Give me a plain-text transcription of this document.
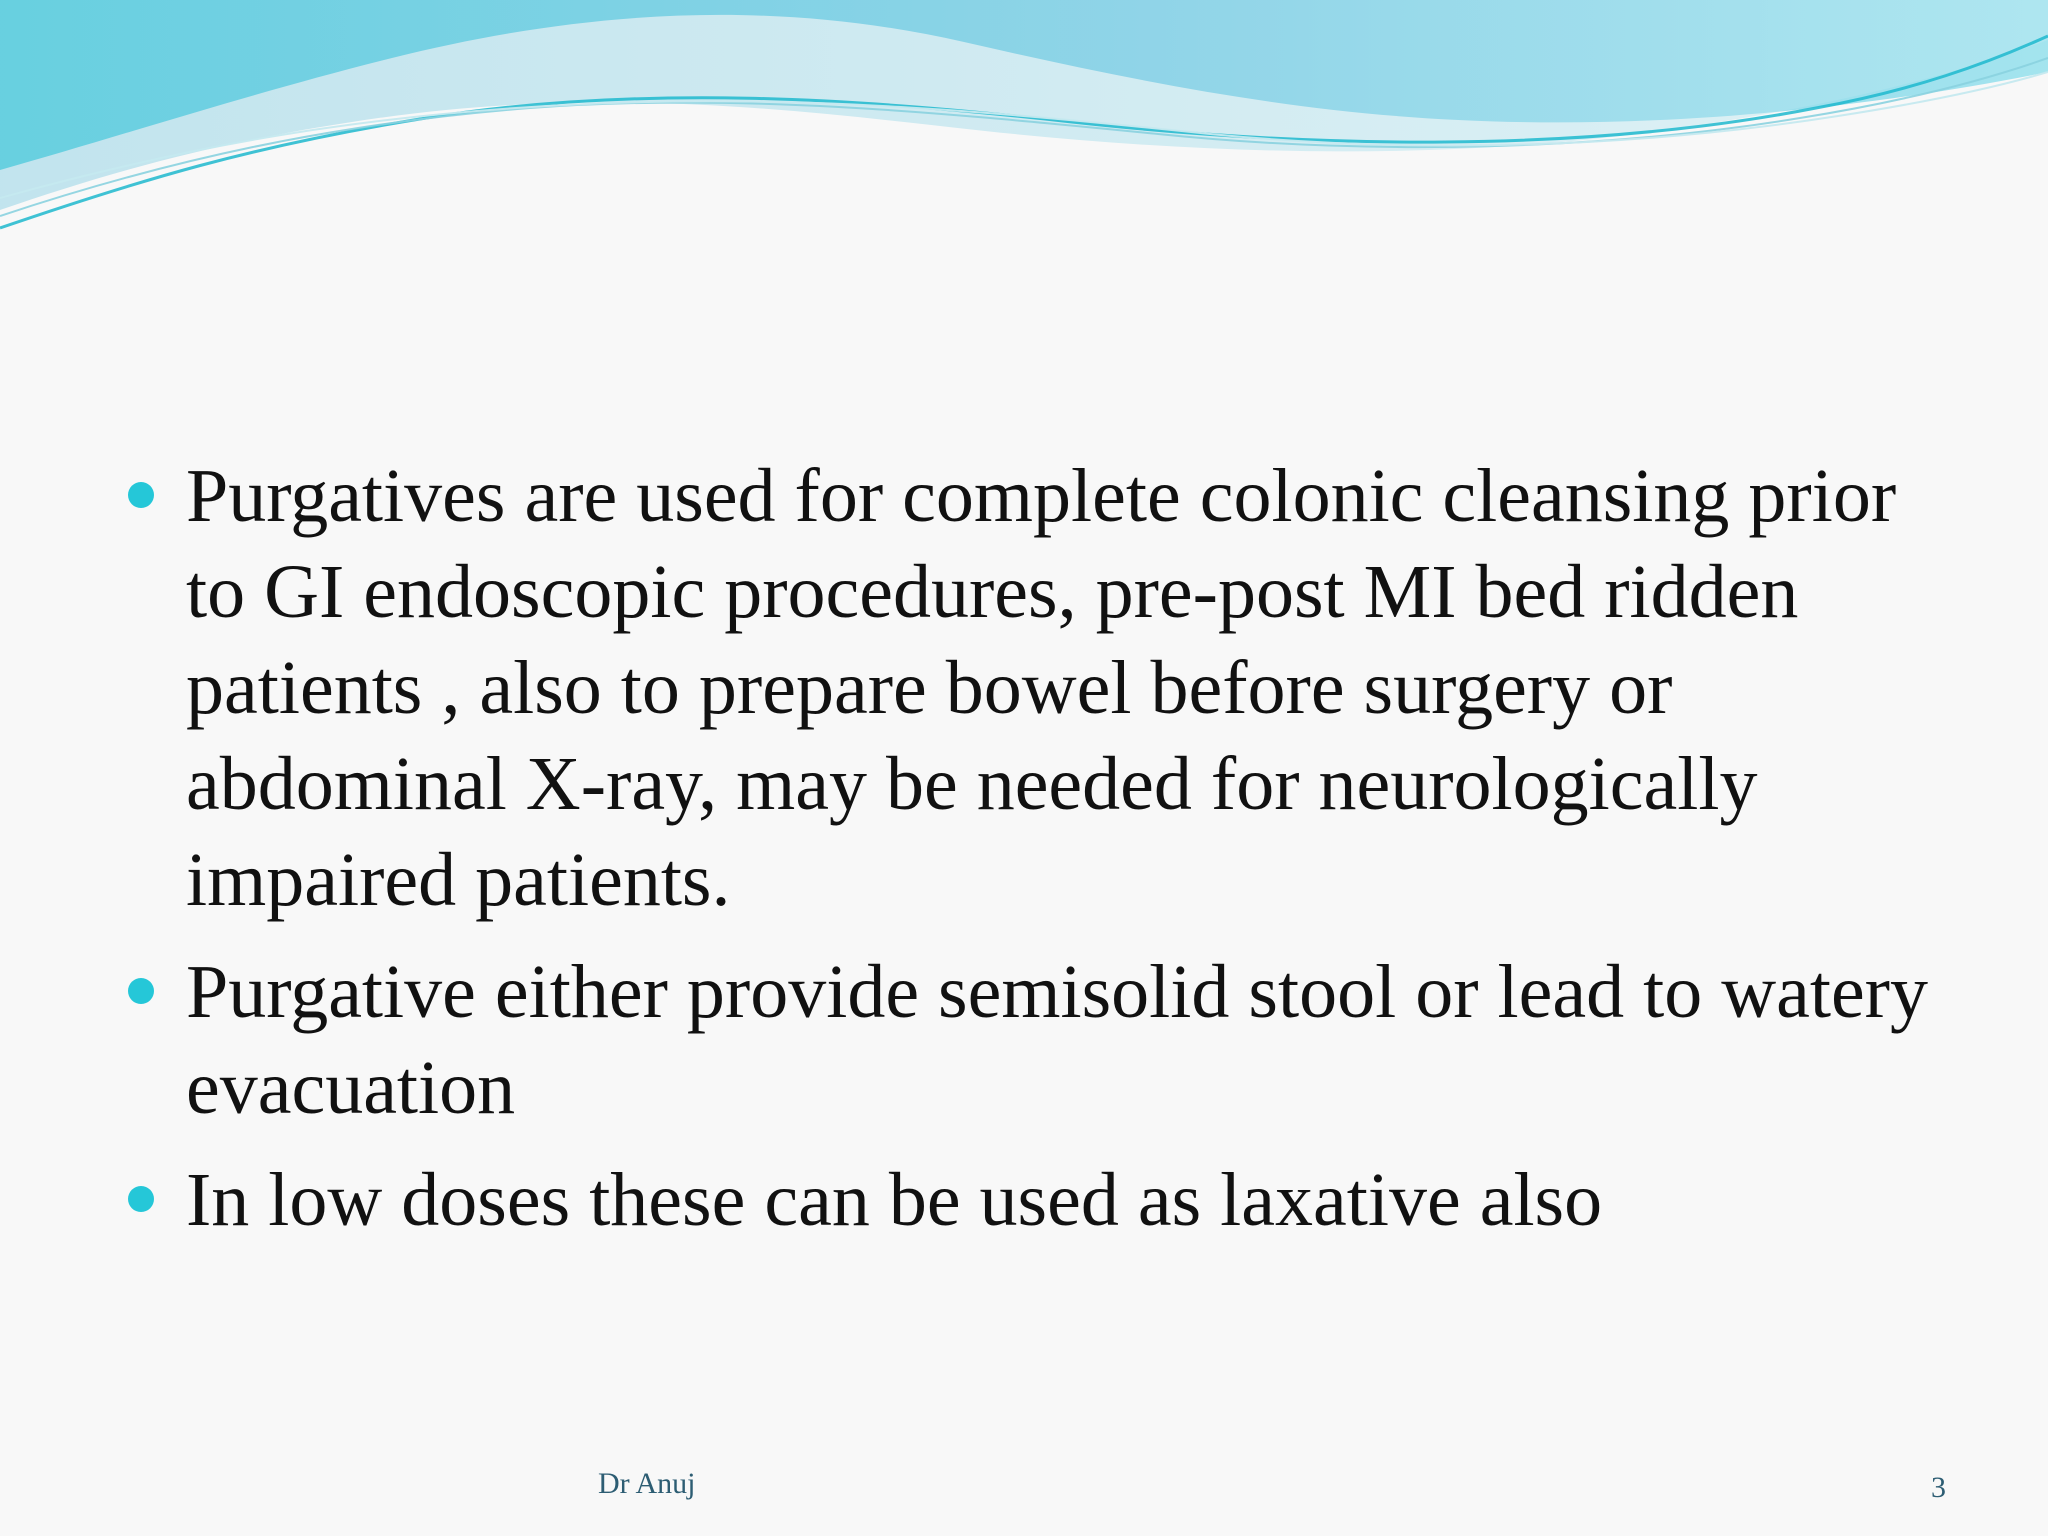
Purgatives are used for complete colonic cleansing prior to GI endoscopic procedures, pre-post MI bed ridden patients , also to prepare bowel before surgery or abdominal X-ray, may be needed for neurologically impaired patients.
Purgative either provide semisolid stool or lead to watery evacuation
In low doses these can be used as laxative also
Dr Anuj	3
